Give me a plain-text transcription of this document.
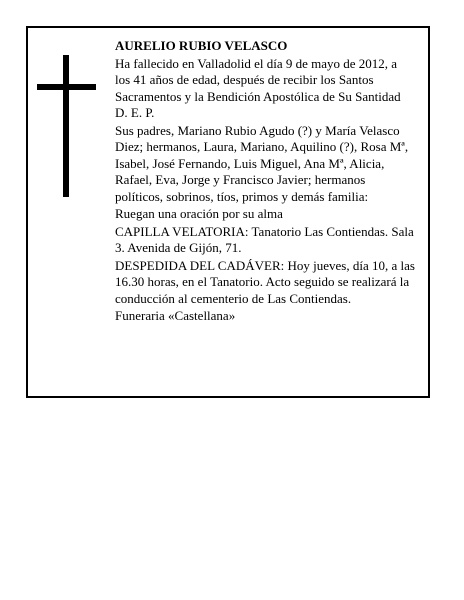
AURELIO RUBIO VELASCO

Ha fallecido en Valladolid el día 9 de mayo de 2012, a los 41 años de edad, después de recibir los Santos Sacramentos y la Bendición Apostólica de Su Santidad D. E. P.

Sus padres, Mariano Rubio Agudo (?) y María Velasco Diez; hermanos, Laura, Mariano, Aquilino (?), Rosa Mª, Isabel, José Fernando, Luis Miguel, Ana Mª, Alicia, Rafael, Eva, Jorge y Francisco Javier; hermanos políticos, sobrinos, tíos, primos y demás familia:

Ruegan una oración por su alma

CAPILLA VELATORIA: Tanatorio Las Contiendas. Sala 3. Avenida de Gijón, 71.

DESPEDIDA DEL CADÁVER: Hoy jueves, día 10, a las 16.30 horas, en el Tanatorio. Acto seguido se realizará la conducción al cementerio de Las Contiendas.

Funeraria «Castellana»
